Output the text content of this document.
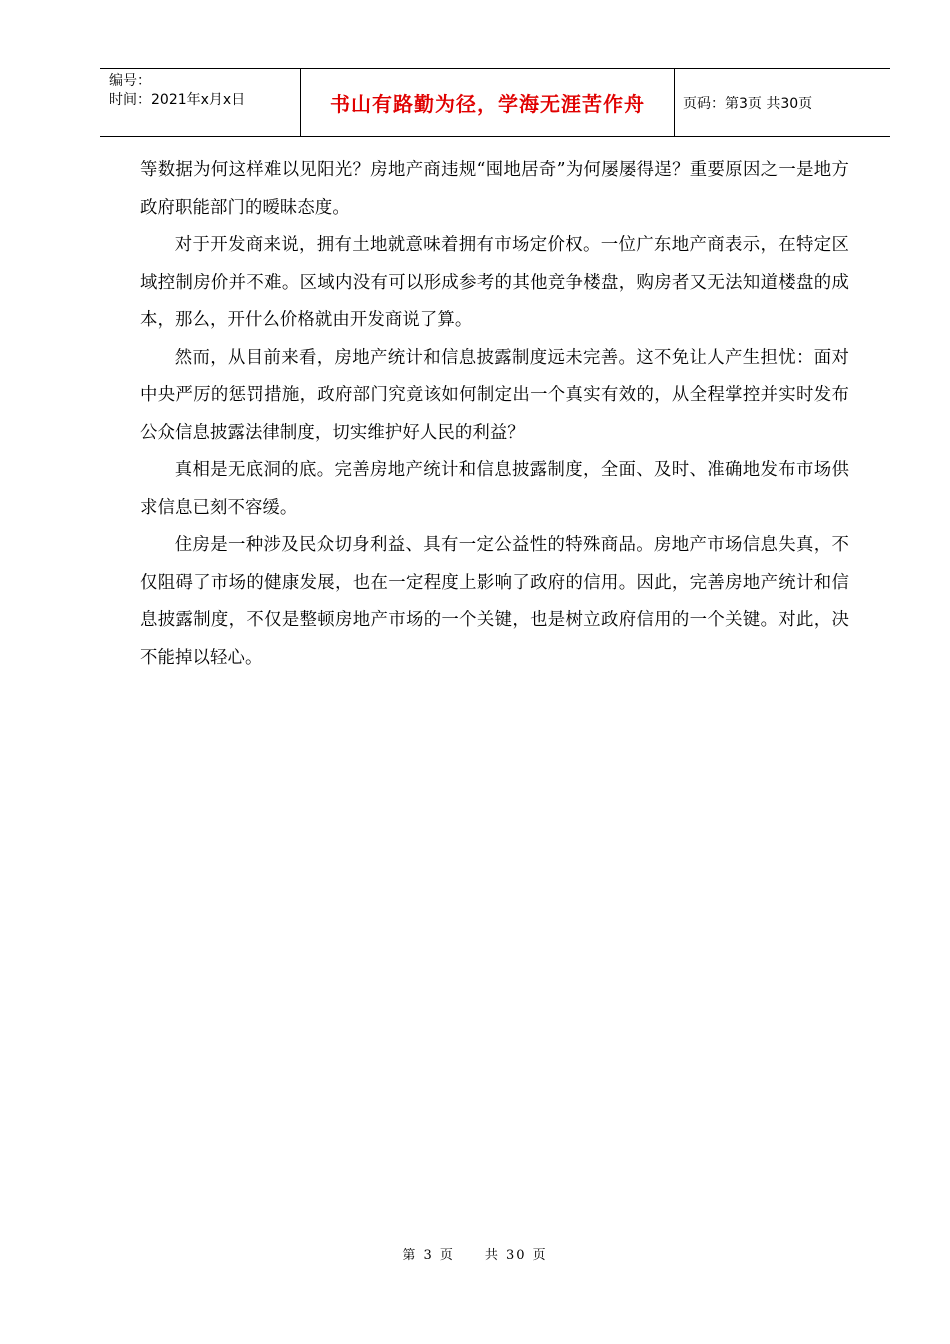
编号：
时间：2021年x月x日	书山有路勤为径，学海无涯苦作舟	页码：第3页 共30页

等数据为何这样难以见阳光？房地产商违规“囤地居奇”为何屡屡得逞？重要原因之一是地方政府职能部门的暧昧态度。

对于开发商来说，拥有土地就意味着拥有市场定价权。一位广东地产商表示，在特定区域控制房价并不难。区域内没有可以形成参考的其他竞争楼盘，购房者又无法知道楼盘的成本，那么，开什么价格就由开发商说了算。

然而，从目前来看，房地产统计和信息披露制度远未完善。这不免让人产生担忧：面对中央严厉的惩罚措施，政府部门究竟该如何制定出一个真实有效的，从全程掌控并实时发布公众信息披露法律制度，切实维护好人民的利益？

真相是无底洞的底。完善房地产统计和信息披露制度，全面、及时、准确地发布市场供求信息已刻不容缓。

住房是一种涉及民众切身利益、具有一定公益性的特殊商品。房地产市场信息失真，不仅阻碍了市场的健康发展，也在一定程度上影响了政府的信用。因此，完善房地产统计和信息披露制度，不仅是整顿房地产市场的一个关键，也是树立政府信用的一个关键。对此，决不能掉以轻心。

第 3 页 共 30 页
